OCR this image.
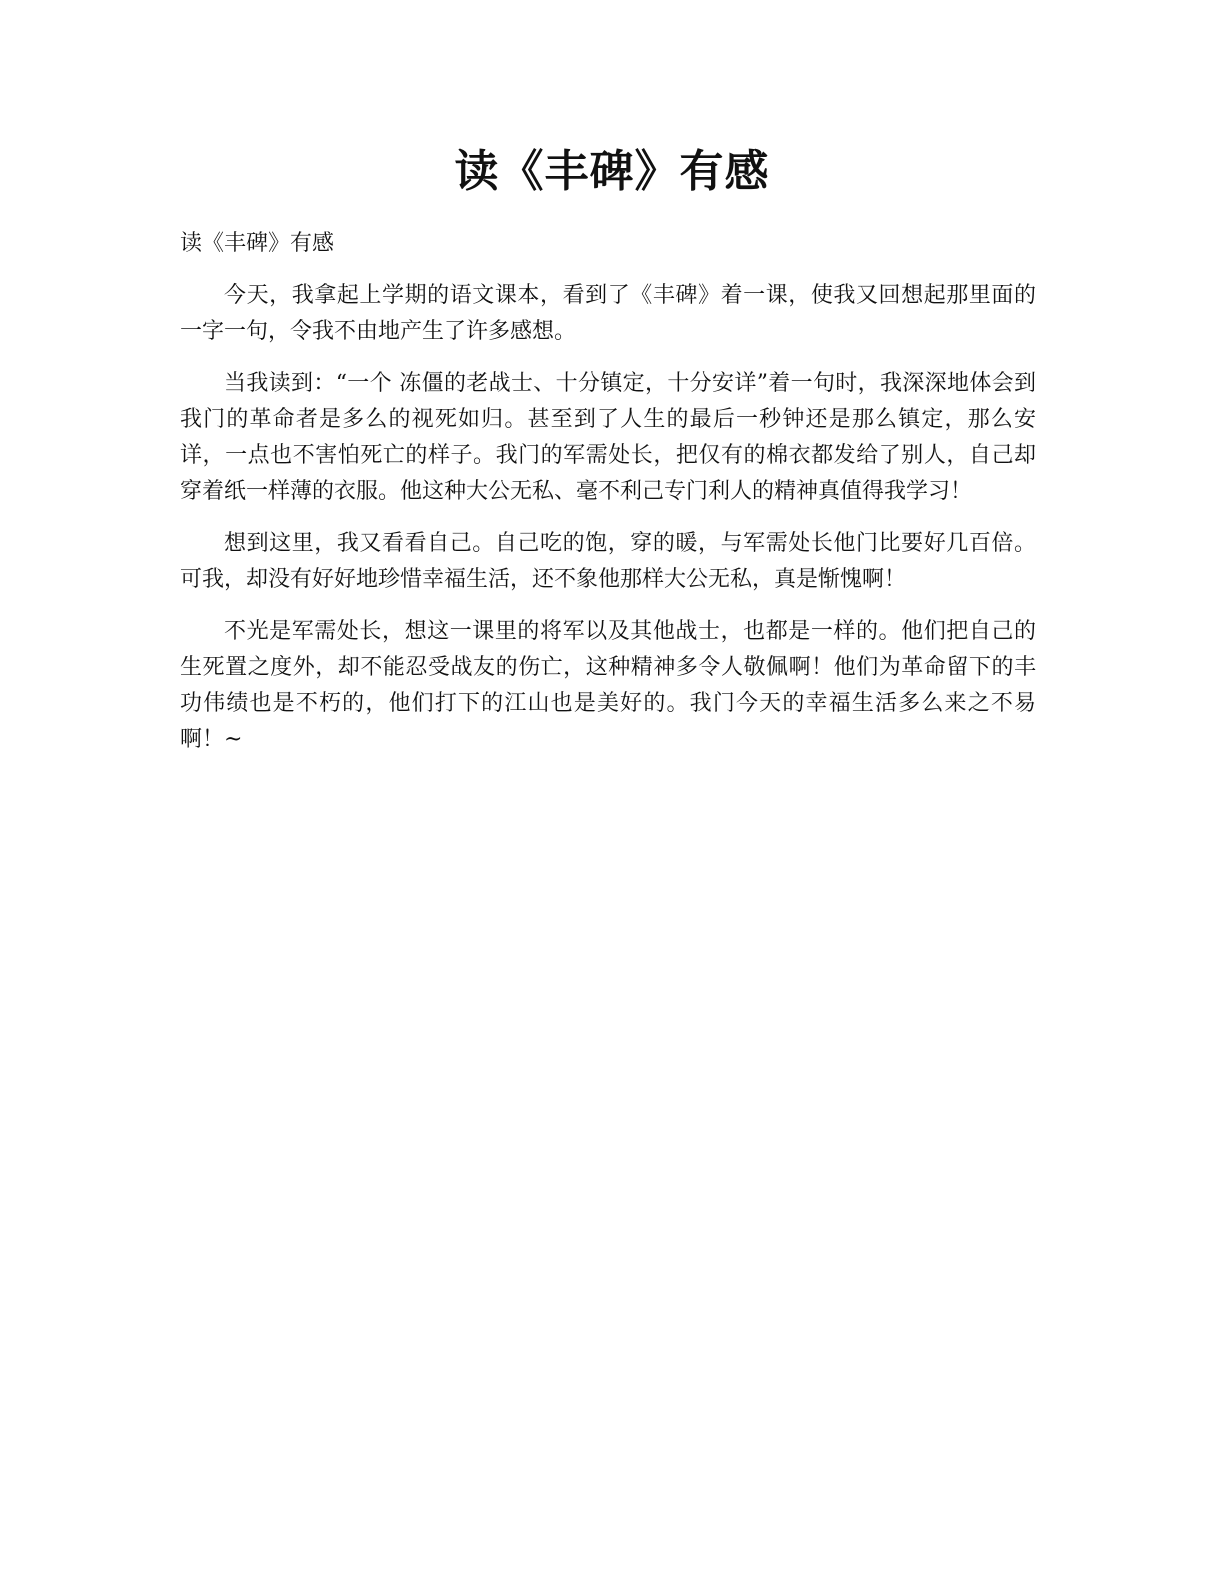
读《丰碑》有感

读《丰碑》有感

今天，我拿起上学期的语文课本，看到了《丰碑》着一课，使我又回想起那里面的一字一句，令我不由地产生了许多感想。

当我读到：“一个 冻僵的老战士、十分镇定，十分安详”着一句时，我深深地体会到我门的革命者是多么的视死如归。甚至到了人生的最后一秒钟还是那么镇定，那么安详，一点也不害怕死亡的样子。我门的军需处长，把仅有的棉衣都发给了别人，自己却穿着纸一样薄的衣服。他这种大公无私、毫不利己专门利人的精神真值得我学习！

想到这里，我又看看自己。自己吃的饱，穿的暖，与军需处长他门比要好几百倍。可我，却没有好好地珍惜幸福生活，还不象他那样大公无私，真是惭愧啊！

不光是军需处长，想这一课里的将军以及其他战士，也都是一样的。他们把自己的生死置之度外，却不能忍受战友的伤亡，这种精神多令人敬佩啊！他们为革命留下的丰功伟绩也是不朽的，他们打下的江山也是美好的。我门今天的幸福生活多么来之不易啊！~
